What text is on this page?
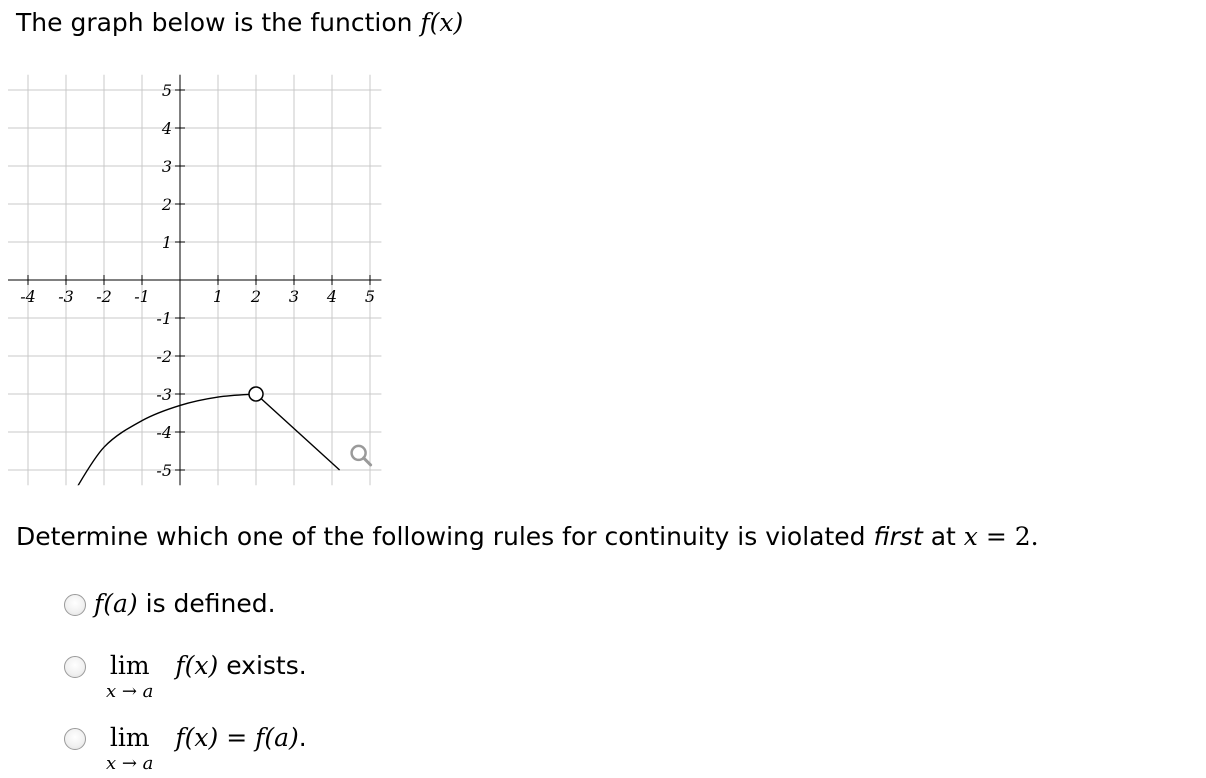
The graph below is the function f(x)
-4 -3 -2 -1	1 2 3 4 5
5
4
3
2
1
-1
-2
-3
-4
-5
Determine which one of the following rules for continuity is violated first at x = 2.
f(a) is defined.
lim
x → a
f(x) exists.
lim
x → a
f(x) = f(a).
